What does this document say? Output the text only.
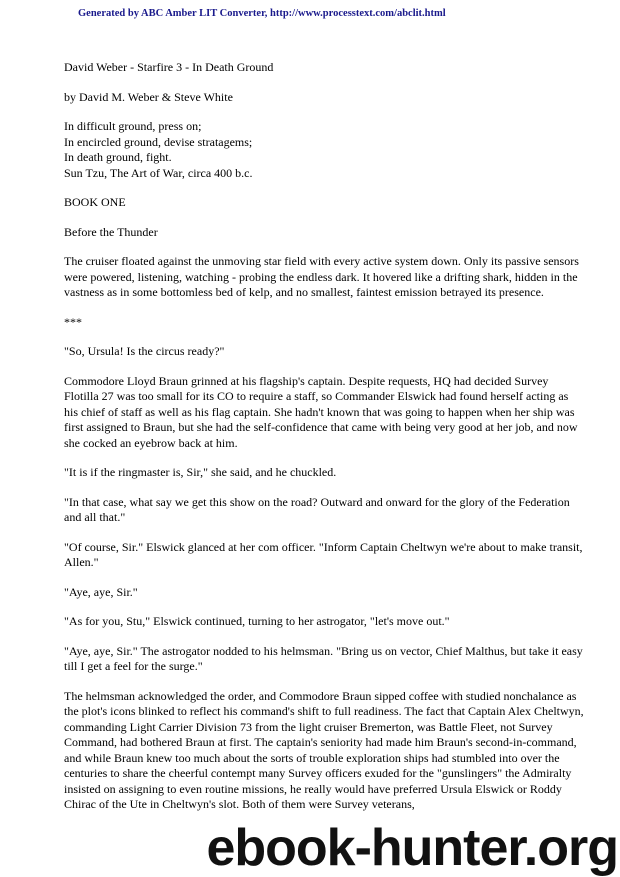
Generated by ABC Amber LIT Converter, http://www.processtext.com/abclit.html

David Weber - Starfire 3 - In Death Ground

by David M. Weber & Steve White

In difficult ground, press on;

In encircled ground, devise stratagems;

In death ground, fight.

Sun Tzu, The Art of War, circa 400 b.c.

BOOK ONE

Before the Thunder

The cruiser floated against the unmoving star field with every active system down. Only its passive sensors were powered, listening, watching - probing the endless dark. It hovered like a drifting shark, hidden in the vastness as in some bottomless bed of kelp, and no smallest, faintest emission betrayed its presence.

***

"So, Ursula! Is the circus ready?"

Commodore Lloyd Braun grinned at his flagship's captain. Despite requests, HQ had decided Survey Flotilla 27 was too small for its CO to require a staff, so Commander Elswick had found herself acting as his chief of staff as well as his flag captain. She hadn't known that was going to happen when her ship was first assigned to Braun, but she had the self-confidence that came with being very good at her job, and now she cocked an eyebrow back at him.

"It is if the ringmaster is, Sir," she said, and he chuckled.

"In that case, what say we get this show on the road? Outward and onward for the glory of the Federation and all that."

"Of course, Sir." Elswick glanced at her com officer. "Inform Captain Cheltwyn we're about to make transit, Allen."

"Aye, aye, Sir."

"As for you, Stu," Elswick continued, turning to her astrogator, "let's move out."

"Aye, aye, Sir." The astrogator nodded to his helmsman. "Bring us on vector, Chief Malthus, but take it easy till I get a feel for the surge."

The helmsman acknowledged the order, and Commodore Braun sipped coffee with studied nonchalance as the plot's icons blinked to reflect his command's shift to full readiness. The fact that Captain Alex Cheltwyn, commanding Light Carrier Division 73 from the light cruiser Bremerton, was Battle Fleet, not Survey Command, had bothered Braun at first. The captain's seniority had made him Braun's second-in-command, and while Braun knew too much about the sorts of trouble exploration ships had stumbled into over the centuries to share the cheerful contempt many Survey officers exuded for the "gunslingers" the Admiralty insisted on assigning to even routine missions, he really would have preferred Ursula Elswick or Roddy Chirac of the Ute in Cheltwyn's slot. Both of them were Survey veterans,

ebook-hunter.org
